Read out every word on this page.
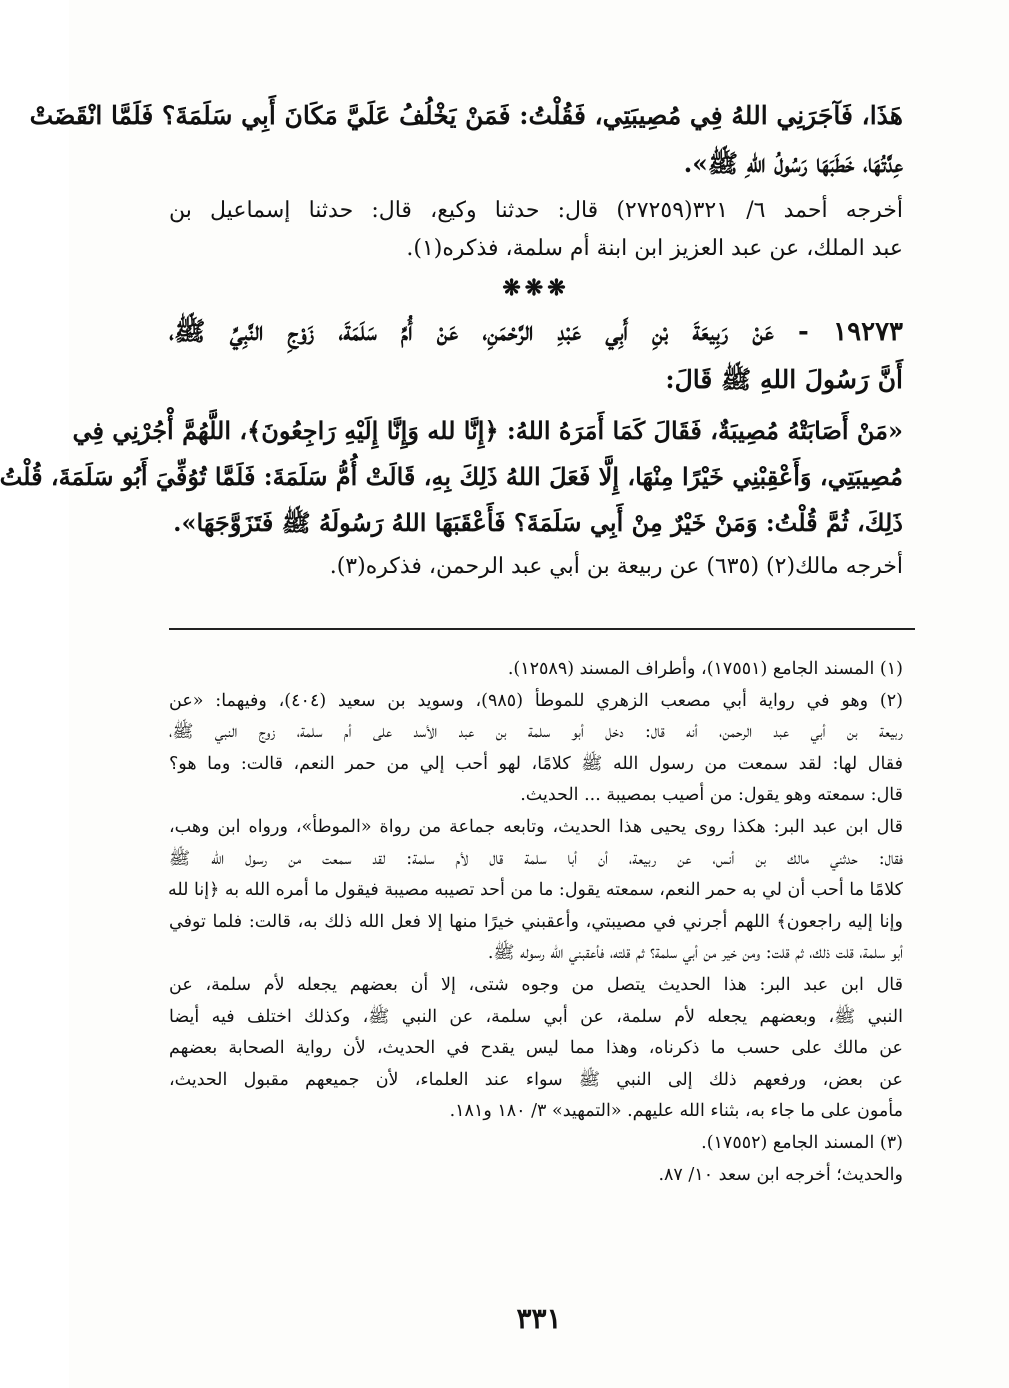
هَذَا، فَآجَرَنِي اللهُ فِي مُصِيبَتِي، فَقُلْتُ: فَمَنْ يَخْلُفُ عَلَيَّ مَكَانَ أَبِي سَلَمَةَ؟ فَلَمَّا انْقَضَتْ
عِدَّتُهَا، خَطَبَهَا رَسُولُ اللهِ ﷺ».
أخرجه أحمد ٦/ ٣٢١(٢٧٢٥٩) قال: حدثنا وكيع، قال: حدثنا إسماعيل بن
عبد الملك، عن عبد العزيز ابن ابنة أم سلمة، فذكره(١).
❋❋❋
١٩٢٧٣ - عَنْ رَبِيعَةَ بْنِ أَبِي عَبْدِ الرَّحْمَنِ، عَنْ أُمِّ سَلَمَةَ، زَوْجِ النَّبِيِّ ﷺ،
أَنَّ رَسُولَ اللهِ ﷺ قَالَ:
«مَنْ أَصَابَتْهُ مُصِيبَةٌ، فَقَالَ كَمَا أَمَرَهُ اللهُ: ﴿إِنَّا لله وَإِنَّا إِلَيْهِ رَاجِعُونَ﴾، اللَّهُمَّ أْجُرْنِي فِي
مُصِيبَتِي، وَأَعْقِبْنِي خَيْرًا مِنْهَا، إِلَّا فَعَلَ اللهُ ذَلِكَ بِهِ، قَالَتْ أُمُّ سَلَمَةَ: فَلَمَّا تُوُفِّيَ أَبُو سَلَمَةَ، قُلْتُ
ذَلِكَ، ثُمَّ قُلْتُ: وَمَنْ خَيْرٌ مِنْ أَبِي سَلَمَةَ؟ فَأَعْقَبَهَا اللهُ رَسُولَهُ ﷺ فَتَزَوَّجَهَا».
أخرجه مالك(٢) (٦٣٥) عن ربيعة بن أبي عبد الرحمن، فذكره(٣).
(١) المسند الجامع (١٧٥٥١)، وأطراف المسند (١٢٥٨٩).
(٢) وهو في رواية أبي مصعب الزهري للموطأ (٩٨٥)، وسويد بن سعيد (٤٠٤)، وفيهما: «عن
ربيعة بن أبي عبد الرحمن، أنه قال: دخل أبو سلمة بن عبد الأسد على أم سلمة، زوج النبي ﷺ،
فقال لها: لقد سمعت من رسول الله ﷺ كلامًا، لهو أحب إلي من حمر النعم، قالت: وما هو؟
قال: سمعته وهو يقول: من أصيب بمصيبة ... الحديث.
قال ابن عبد البر: هكذا روى يحيى هذا الحديث، وتابعه جماعة من رواة «الموطأ»، ورواه ابن وهب،
فقال: حدثني مالك بن أنس، عن ربيعة، أن أبا سلمة قال لأم سلمة: لقد سمعت من رسول الله ﷺ
كلامًا ما أحب أن لي به حمر النعم، سمعته يقول: ما من أحد تصيبه مصيبة فيقول ما أمره الله به ﴿إنا لله
وإنا إليه راجعون﴾ اللهم أجرني في مصيبتي، وأعقبني خيرًا منها إلا فعل الله ذلك به، قالت: فلما توفي
أبو سلمة، قلت ذلك، ثم قلت: ومن خير من أبي سلمة؟ ثم قلته، فأعقبني الله رسوله ﷺ.
قال ابن عبد البر: هذا الحديث يتصل من وجوه شتى، إلا أن بعضهم يجعله لأم سلمة، عن
النبي ﷺ، وبعضهم يجعله لأم سلمة، عن أبي سلمة، عن النبي ﷺ، وكذلك اختلف فيه أيضا
عن مالك على حسب ما ذكرناه، وهذا مما ليس يقدح في الحديث، لأن رواية الصحابة بعضهم
عن بعض، ورفعهم ذلك إلى النبي ﷺ سواء عند العلماء، لأن جميعهم مقبول الحديث،
مأمون على ما جاء به، بثناء الله عليهم. «التمهيد» ٣/ ١٨٠ و١٨١.
(٣) المسند الجامع (١٧٥٥٢).
والحديث؛ أخرجه ابن سعد ١٠/ ٨٧.
٣٣١
